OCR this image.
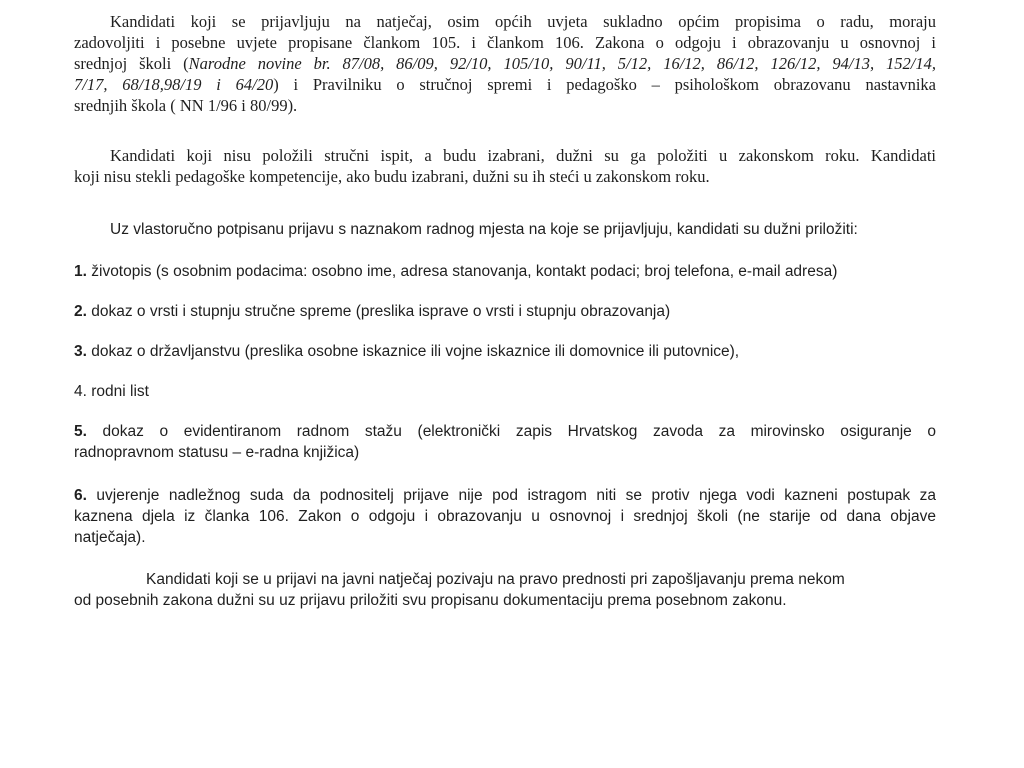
Kandidati koji se prijavljuju na natječaj, osim općih uvjeta sukladno općim propisima o radu, moraju
zadovoljiti i posebne uvjete propisane člankom 105. i člankom 106. Zakona o odgoju i obrazovanju u osnovnoj i
srednjoj školi (Narodne novine br. 87/08, 86/09, 92/10, 105/10, 90/11, 5/12, 16/12, 86/12, 126/12, 94/13, 152/14,
7/17, 68/18,98/19 i 64/20) i Pravilniku o stručnoj spremi i pedagoško – psihološkom obrazovanu nastavnika
srednjih škola ( NN 1/96 i 80/99).
Kandidati koji nisu položili stručni ispit, a budu izabrani, dužni su ga položiti u zakonskom roku. Kandidati
koji nisu stekli pedagoške kompetencije, ako budu izabrani, dužni su ih steći u zakonskom roku.
Uz vlastoručno potpisanu prijavu s naznakom radnog mjesta na koje se prijavljuju, kandidati su dužni priložiti:
1. životopis (s osobnim podacima: osobno ime, adresa stanovanja, kontakt podaci; broj telefona, e-mail adresa)
2. dokaz o vrsti i stupnju stručne spreme (preslika isprave o vrsti i stupnju obrazovanja)
3. dokaz o državljanstvu (preslika osobne iskaznice ili vojne iskaznice ili domovnice ili putovnice),
4. rodni list
5. dokaz o evidentiranom radnom stažu (elektronički zapis Hrvatskog zavoda za mirovinsko osiguranje o
radnopravnom statusu – e-radna knjižica)
6. uvjerenje nadležnog suda da podnositelj prijave nije pod istragom niti se protiv njega vodi kazneni postupak za
kaznena djela iz članka 106. Zakon o odgoju i obrazovanju u osnovnoj i srednjoj školi (ne starije od dana objave
natječaja).
Kandidati koji se u prijavi na javni natječaj pozivaju na pravo prednosti pri zapošljavanju prema nekom
od posebnih zakona dužni su uz prijavu priložiti svu propisanu dokumentaciju prema posebnom zakonu.
